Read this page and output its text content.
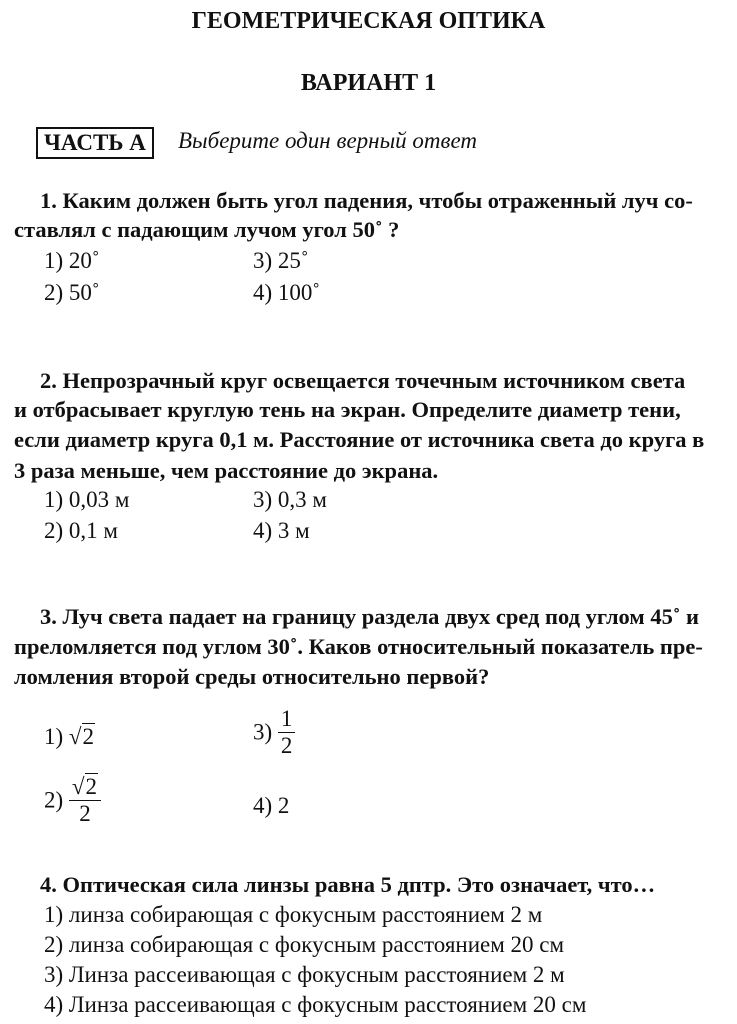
ГЕОМЕТРИЧЕСКАЯ ОПТИКА
ВАРИАНТ 1
ЧАСТЬ А	Выберите один верный ответ
1. Каким должен быть угол падения, чтобы отраженный луч со-
ставлял с падающим лучом угол 50˚ ?
1) 20˚	3) 25˚
2) 50˚	4) 100˚
2. Непрозрачный круг освещается точечным источником света
и отбрасывает круглую тень на экран. Определите диаметр тени,
если диаметр круга 0,1 м. Расстояние от источника света до круга в
3 раза меньше, чем расстояние до экрана.
1) 0,03 м	3) 0,3 м
2) 0,1 м	4) 3 м
3. Луч света падает на границу раздела двух сред под углом 45˚ и
преломляется под углом 30˚. Каков относительный показатель пре-
ломления второй среды относительно первой?
1) √2	$3) \frac{1}{2}$
$2) \frac{√2}{2}$	4) 2
4. Оптическая сила линзы равна 5 дптр. Это означает, что…
1) линза собирающая с фокусным расстоянием 2 м
2) линза собирающая с фокусным расстоянием 20 см
3) Линза рассеивающая с фокусным расстоянием 2 м
4) Линза рассеивающая с фокусным расстоянием 20 см
